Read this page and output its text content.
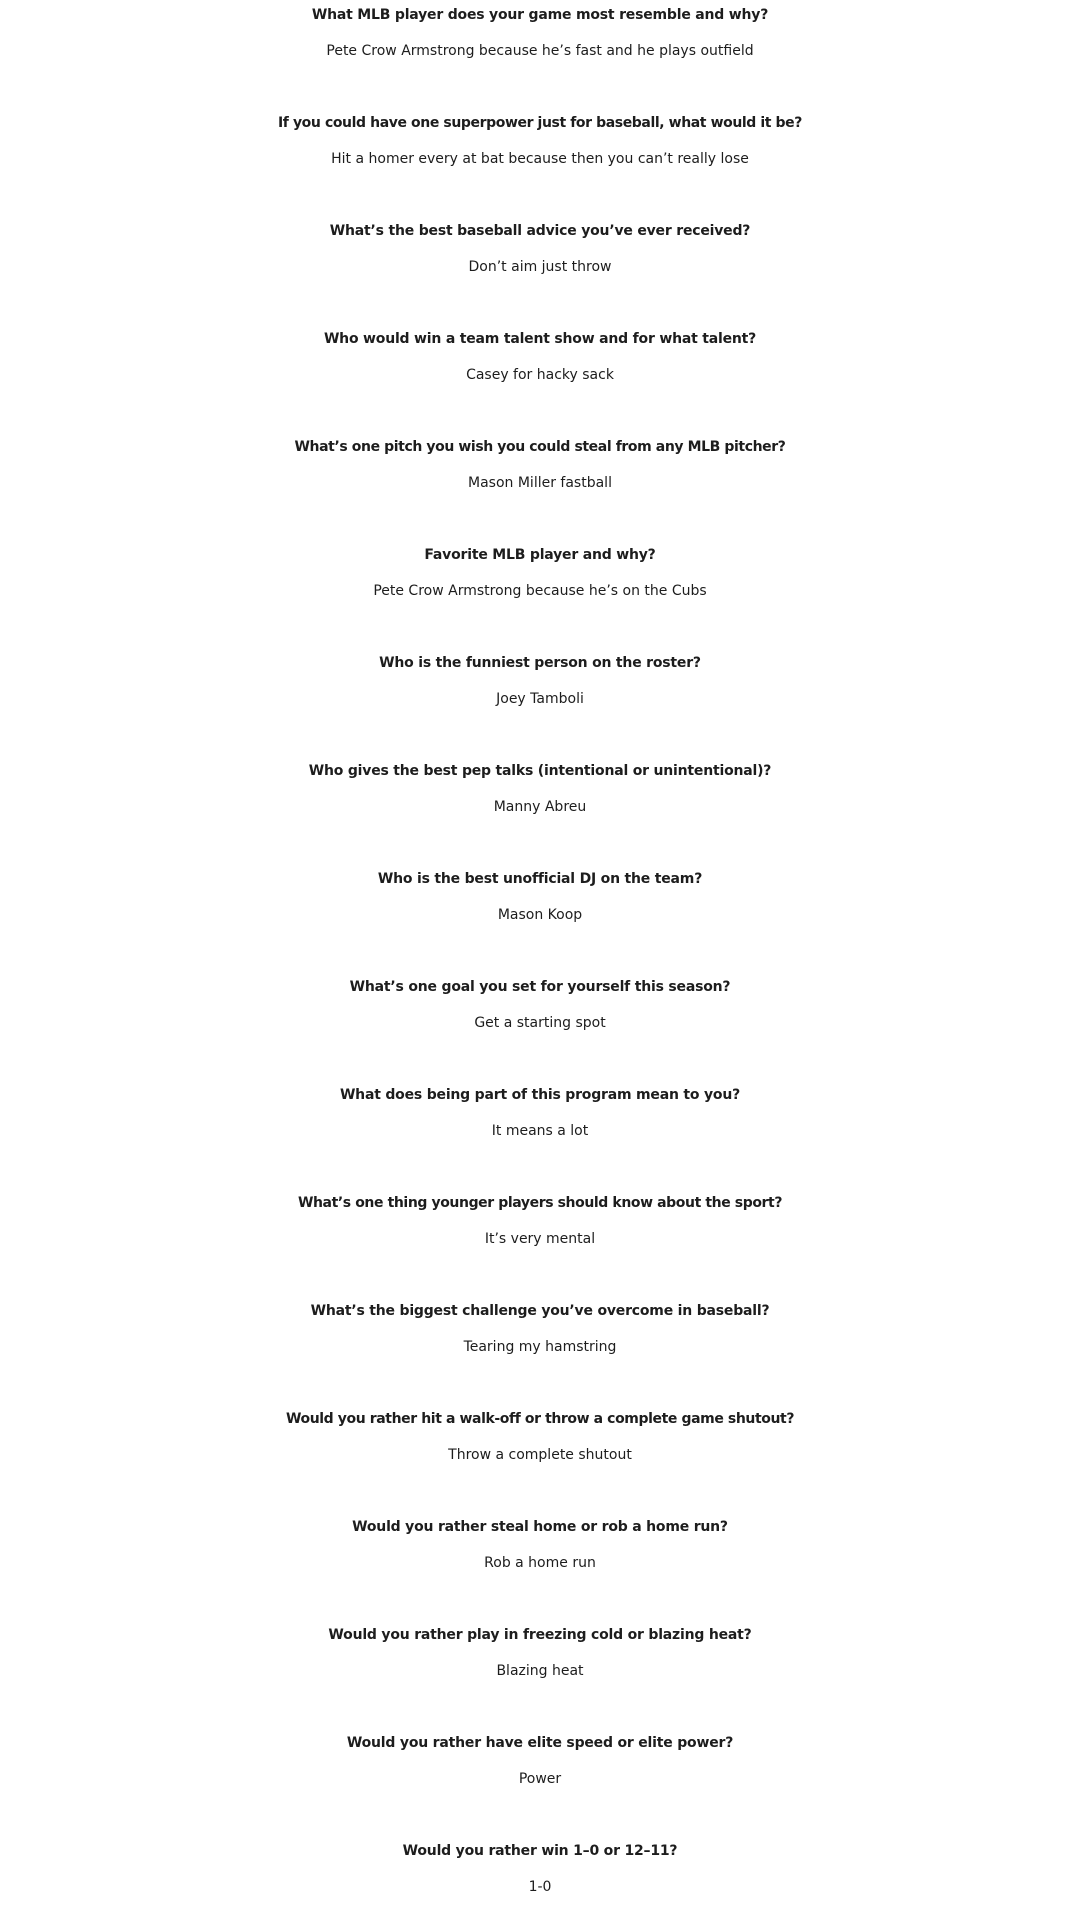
What MLB player does your game most resemble and why?
Pete Crow Armstrong because he’s fast and he plays outfield
If you could have one superpower just for baseball, what would it be?
Hit a homer every at bat because then you can’t really lose
What’s the best baseball advice you’ve ever received?
Don’t aim just throw
Who would win a team talent show and for what talent?
Casey for hacky sack
What’s one pitch you wish you could steal from any MLB pitcher?
Mason Miller fastball
Favorite MLB player and why?
Pete Crow Armstrong because he’s on the Cubs
Who is the funniest person on the roster?
Joey Tamboli
Who gives the best pep talks (intentional or unintentional)?
Manny Abreu
Who is the best unofficial DJ on the team?
Mason Koop
What’s one goal you set for yourself this season?
Get a starting spot
What does being part of this program mean to you?
It means a lot
What’s one thing younger players should know about the sport?
It’s very mental
What’s the biggest challenge you’ve overcome in baseball?
Tearing my hamstring
Would you rather hit a walk-off or throw a complete game shutout?
Throw a complete shutout
Would you rather steal home or rob a home run?
Rob a home run
Would you rather play in freezing cold or blazing heat?
Blazing heat
Would you rather have elite speed or elite power?
Power
Would you rather win 1–0 or 12–11?
1-0
